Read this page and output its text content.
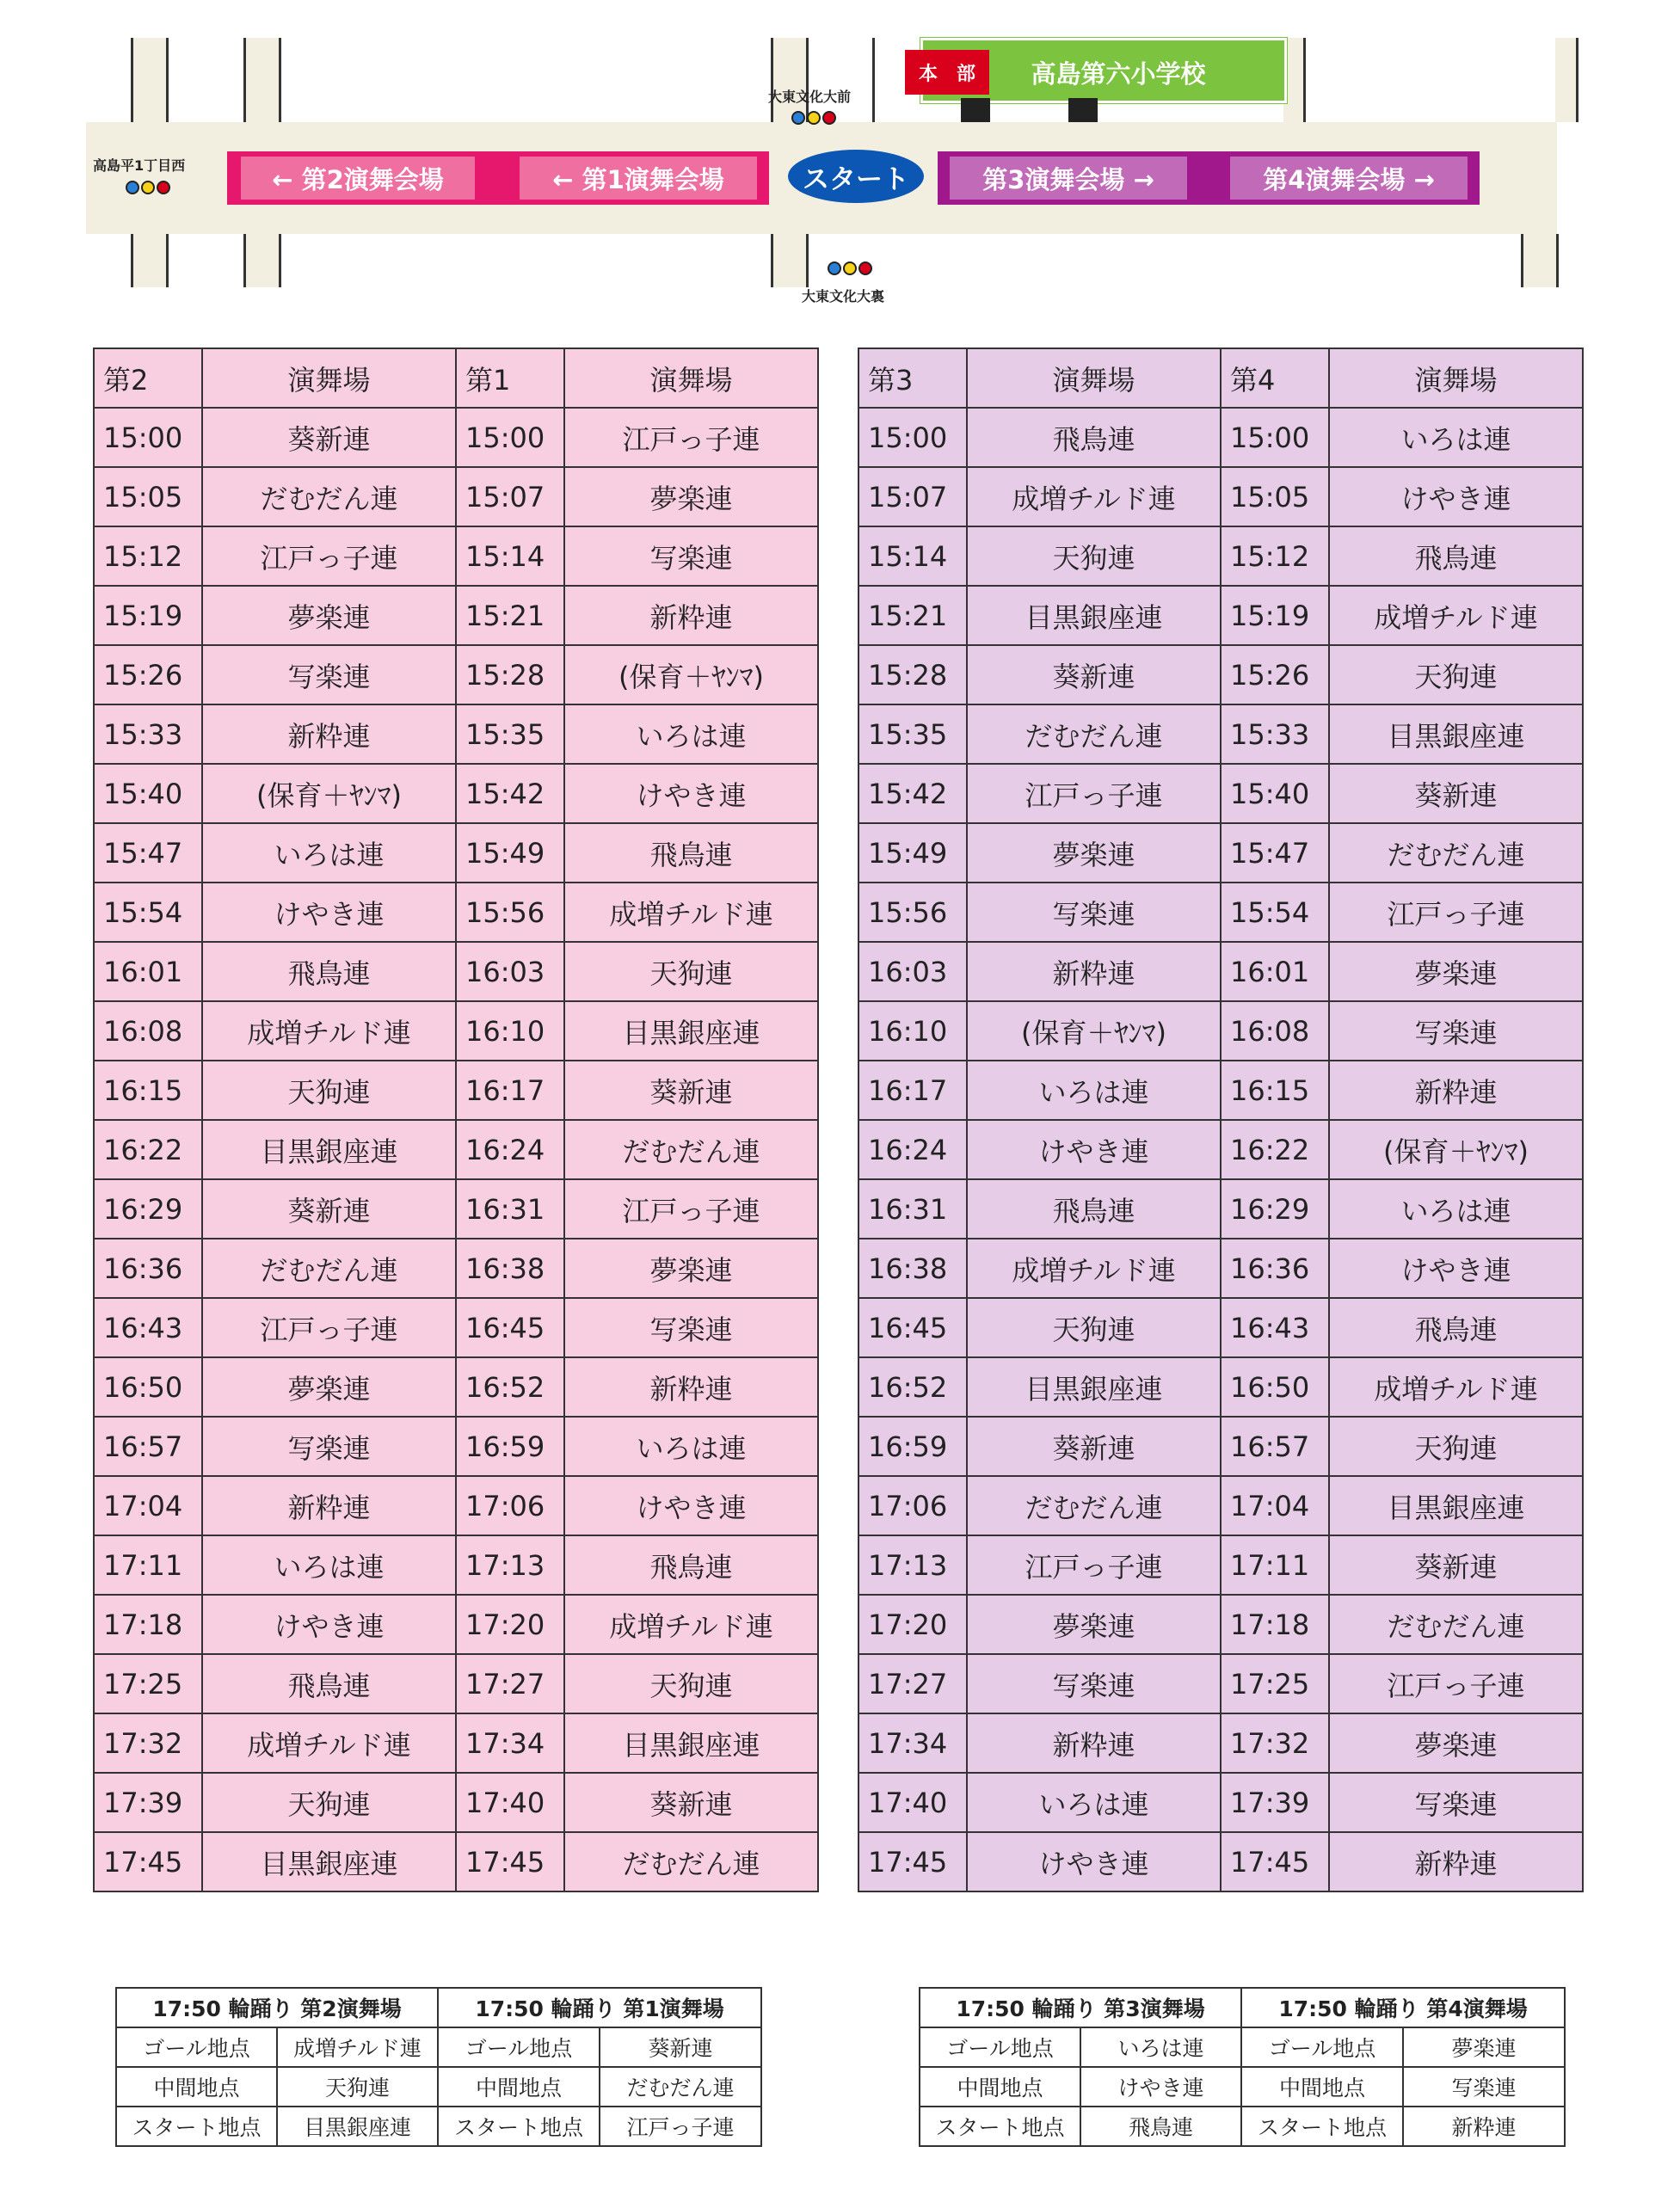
本　部	高島第六小学校
← 第2演舞会場	← 第1演舞会場	スタート	第3演舞会場 →	第4演舞会場 →
大東文化大前
高島平1丁目西
大東文化大裏
第2	演舞場	第1	演舞場
15:00	葵新連	15:00	江戸っ子連
15:05	だむだん連	15:07	夢楽連
15:12	江戸っ子連	15:14	写楽連
15:19	夢楽連	15:21	新粋連
15:26	写楽連	15:28	(保育＋ﾔﾝﾏ)
15:33	新粋連	15:35	いろは連
15:40	(保育＋ﾔﾝﾏ)	15:42	けやき連
15:47	いろは連	15:49	飛鳥連
15:54	けやき連	15:56	成増チルド連
16:01	飛鳥連	16:03	天狗連
16:08	成増チルド連	16:10	目黒銀座連
16:15	天狗連	16:17	葵新連
16:22	目黒銀座連	16:24	だむだん連
16:29	葵新連	16:31	江戸っ子連
16:36	だむだん連	16:38	夢楽連
16:43	江戸っ子連	16:45	写楽連
16:50	夢楽連	16:52	新粋連
16:57	写楽連	16:59	いろは連
17:04	新粋連	17:06	けやき連
17:11	いろは連	17:13	飛鳥連
17:18	けやき連	17:20	成増チルド連
17:25	飛鳥連	17:27	天狗連
17:32	成増チルド連	17:34	目黒銀座連
17:39	天狗連	17:40	葵新連
17:45	目黒銀座連	17:45	だむだん連
第3	演舞場	第4	演舞場
15:00	飛鳥連	15:00	いろは連
15:07	成増チルド連	15:05	けやき連
15:14	天狗連	15:12	飛鳥連
15:21	目黒銀座連	15:19	成増チルド連
15:28	葵新連	15:26	天狗連
15:35	だむだん連	15:33	目黒銀座連
15:42	江戸っ子連	15:40	葵新連
15:49	夢楽連	15:47	だむだん連
15:56	写楽連	15:54	江戸っ子連
16:03	新粋連	16:01	夢楽連
16:10	(保育＋ﾔﾝﾏ)	16:08	写楽連
16:17	いろは連	16:15	新粋連
16:24	けやき連	16:22	(保育＋ﾔﾝﾏ)
16:31	飛鳥連	16:29	いろは連
16:38	成増チルド連	16:36	けやき連
16:45	天狗連	16:43	飛鳥連
16:52	目黒銀座連	16:50	成増チルド連
16:59	葵新連	16:57	天狗連
17:06	だむだん連	17:04	目黒銀座連
17:13	江戸っ子連	17:11	葵新連
17:20	夢楽連	17:18	だむだん連
17:27	写楽連	17:25	江戸っ子連
17:34	新粋連	17:32	夢楽連
17:40	いろは連	17:39	写楽連
17:45	けやき連	17:45	新粋連
17:50 輪踊り 第2演舞場		17:50 輪踊り 第1演舞場	
ゴール地点	成増チルド連	ゴール地点	葵新連
中間地点	天狗連	中間地点	だむだん連
スタート地点	目黒銀座連	スタート地点	江戸っ子連
17:50 輪踊り 第3演舞場		17:50 輪踊り 第4演舞場	
ゴール地点	いろは連	ゴール地点	夢楽連
中間地点	けやき連	中間地点	写楽連
スタート地点	飛鳥連	スタート地点	新粋連
